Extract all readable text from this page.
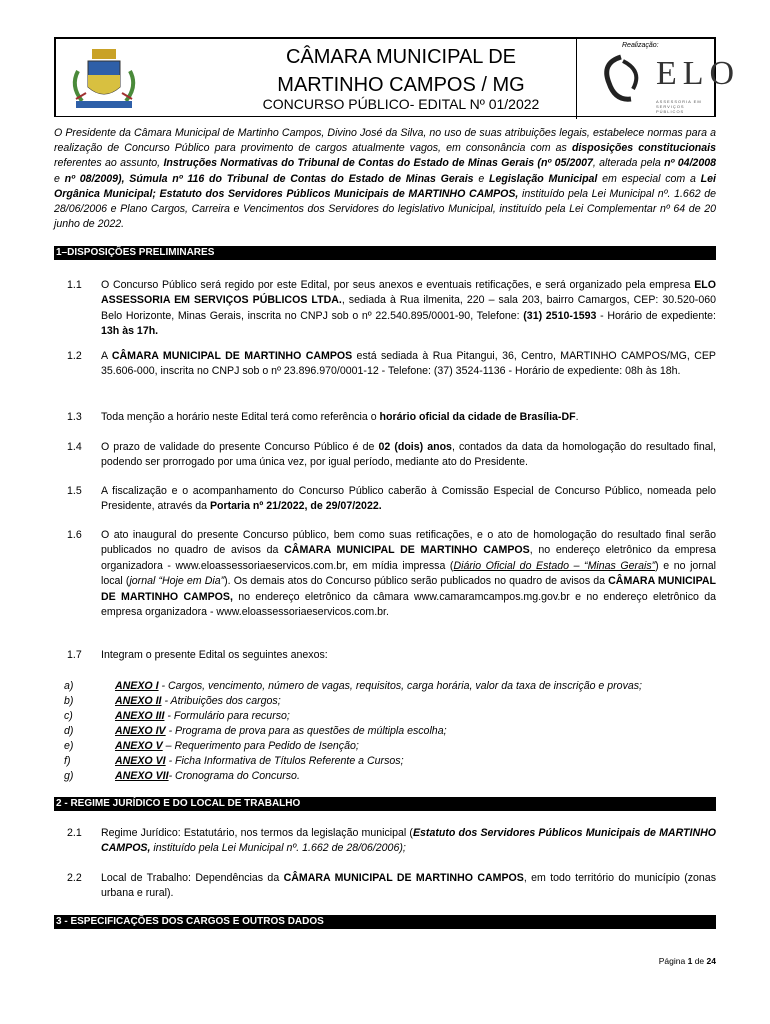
CÂMARA MUNICIPAL DE
MARTINHO CAMPOS / MG
CONCURSO PÚBLICO- EDITAL Nº 01/2022
Realização:
ELO
ASSESSORIA EM SERVIÇOS PÚBLICOS
O Presidente da Câmara Municipal de Martinho Campos, Divino José da Silva, no uso de suas atribuições legais, estabelece normas para a realização de Concurso Público para provimento de cargos atualmente vagos, em consonância com as disposições constitucionais referentes ao assunto, Instruções Normativas do Tribunal de Contas do Estado de Minas Gerais (nº 05/2007, alterada pela nº 04/2008 e nº 08/2009), Súmula nº 116 do Tribunal de Contas do Estado de Minas Gerais e Legislação Municipal em especial com a Lei Orgânica Municipal; Estatuto dos Servidores Públicos Municipais de MARTINHO CAMPOS, instituído pela Lei Municipal nº. 1.662 de 28/06/2006 e Plano Cargos, Carreira e Vencimentos dos Servidores do legislativo Municipal, instituído pela Lei Complementar nº 64 de 20 junho de 2022.
1–DISPOSIÇÕES PRELIMINARES
1.1 O Concurso Público será regido por este Edital, por seus anexos e eventuais retificações, e será organizado pela empresa ELO ASSESSORIA EM SERVIÇOS PÚBLICOS LTDA., sediada à Rua ilmenita, 220 – sala 203, bairro Camargos, CEP: 30.520-060 Belo Horizonte, Minas Gerais, inscrita no CNPJ sob o nº 22.540.895/0001-90, Telefone: (31) 2510-1593 - Horário de expediente: 13h às 17h.
1.2 A CÂMARA MUNICIPAL DE MARTINHO CAMPOS está sediada à Rua Pitangui, 36, Centro, MARTINHO CAMPOS/MG, CEP 35.606-000, inscrita no CNPJ sob o nº 23.896.970/0001-12 - Telefone: (37) 3524-1136 - Horário de expediente: 08h às 18h.
1.3 Toda menção a horário neste Edital terá como referência o horário oficial da cidade de Brasília-DF.
1.4 O prazo de validade do presente Concurso Público é de 02 (dois) anos, contados da data da homologação do resultado final, podendo ser prorrogado por uma única vez, por igual período, mediante ato do Presidente.
1.5 A fiscalização e o acompanhamento do Concurso Público caberão à Comissão Especial de Concurso Público, nomeada pelo Presidente, através da Portaria nº 21/2022, de 29/07/2022.
1.6 O ato inaugural do presente Concurso público, bem como suas retificações, e o ato de homologação do resultado final serão publicados no quadro de avisos da CÂMARA MUNICIPAL DE MARTINHO CAMPOS, no endereço eletrônico da empresa organizadora - www.eloassessoriaeservicos.com.br, em mídia impressa (Diário Oficial do Estado – “Minas Gerais”) e no jornal local (jornal “Hoje em Dia”). Os demais atos do Concurso público serão publicados no quadro de avisos da CÂMARA MUNICIPAL DE MARTINHO CAMPOS, no endereço eletrônico da câmara www.camaramcampos.mg.gov.br e no endereço eletrônico da empresa organizadora - www.eloassessoriaeservicos.com.br.
1.7 Integram o presente Edital os seguintes anexos:
a)	ANEXO I - Cargos, vencimento, número de vagas, requisitos, carga horária, valor da taxa de inscrição e provas;
b)	ANEXO II - Atribuições dos cargos;
c)	ANEXO III - Formulário para recurso;
d)	ANEXO IV - Programa de prova para as questões de múltipla escolha;
e)	ANEXO V – Requerimento para Pedido de Isenção;
f)	ANEXO VI - Ficha Informativa de Títulos Referente a Cursos;
g)	ANEXO VII- Cronograma do Concurso.
2 - REGIME JURÍDICO E DO LOCAL DE TRABALHO
2.1 Regime Jurídico: Estatutário, nos termos da legislação municipal (Estatuto dos Servidores Públicos Municipais de MARTINHO CAMPOS, instituído pela Lei Municipal nº. 1.662 de 28/06/2006);
2.2 Local de Trabalho: Dependências da CÂMARA MUNICIPAL DE MARTINHO CAMPOS, em todo território do município (zonas urbana e rural).
3 - ESPECIFICAÇÕES DOS CARGOS E OUTROS DADOS
Página 1 de 24
